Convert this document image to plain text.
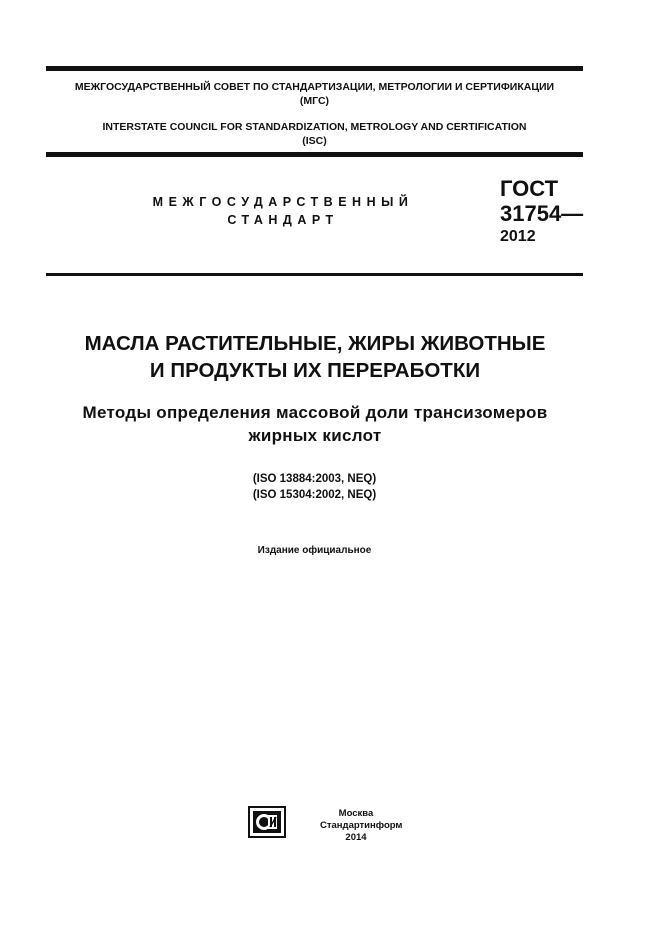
МЕЖГОСУДАРСТВЕННЫЙ СОВЕТ ПО СТАНДАРТИЗАЦИИ, МЕТРОЛОГИИ И СЕРТИФИКАЦИИ
(МГС)
INTERSTATE COUNCIL FOR STANDARDIZATION, METROLOGY AND CERTIFICATION
(ISC)
МЕЖГОСУДАРСТВЕННЫЙ
СТАНДАРТ
ГОСТ
31754—
2012
МАСЛА РАСТИТЕЛЬНЫЕ, ЖИРЫ ЖИВОТНЫЕ
И ПРОДУКТЫ ИХ ПЕРЕРАБОТКИ
Методы определения массовой доли трансизомеров
жирных кислот
(ISO 13884:2003, NEQ)
(ISO 15304:2002, NEQ)
Издание официальное
Москва
Стандартинформ
2014
